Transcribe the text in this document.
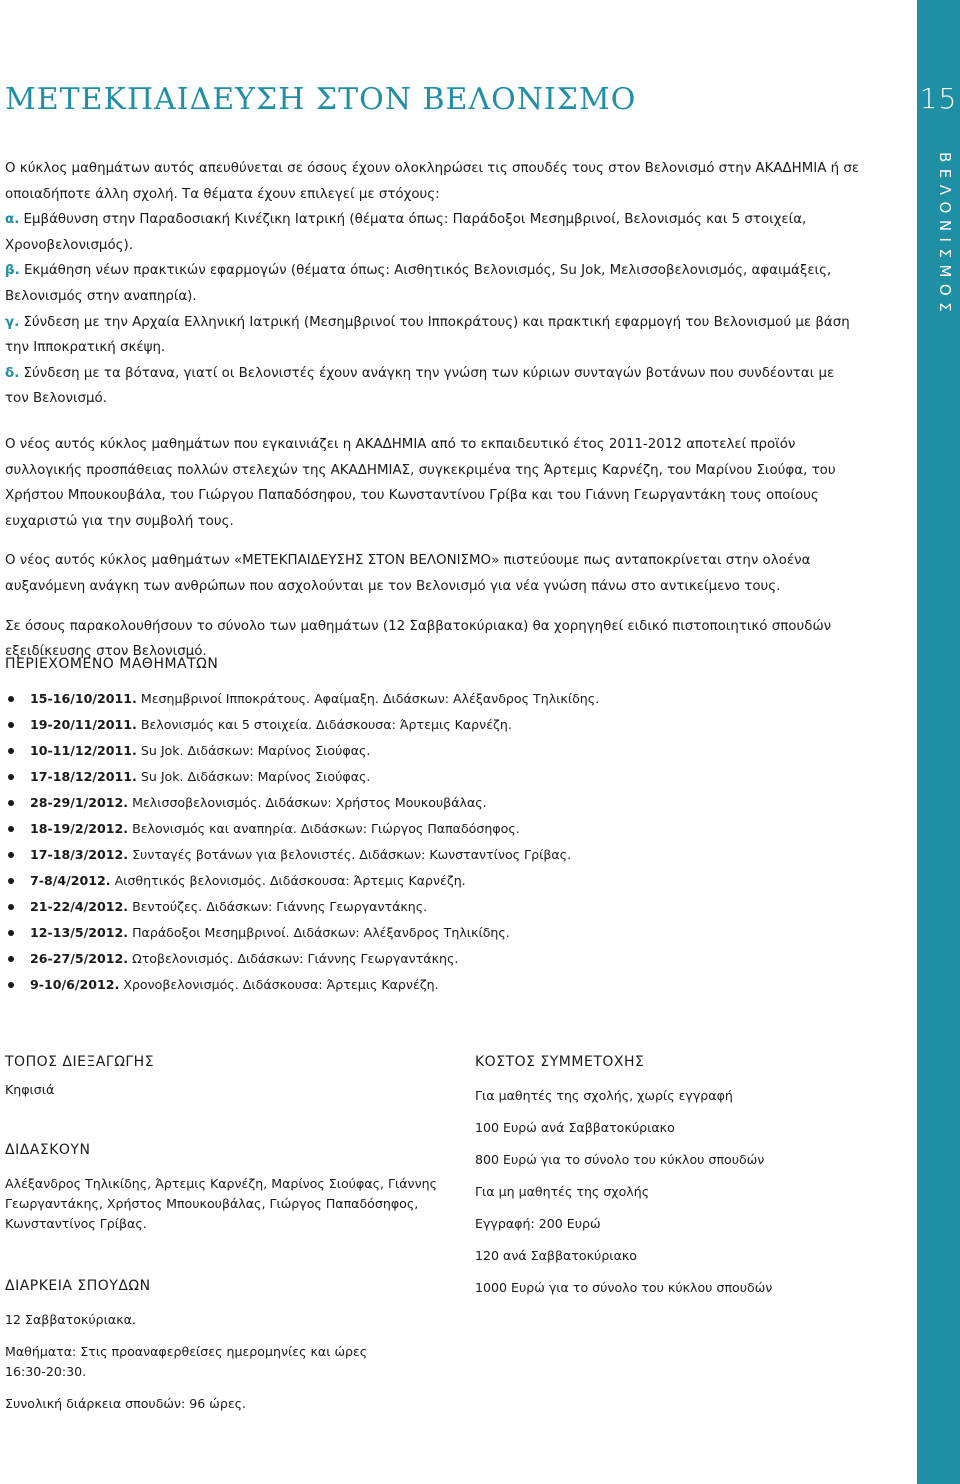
15
ΒΕΛΟΝΙΣΜΟΣ
ΜΕΤΕΚΠΑΙΔΕΥΣΗ ΣΤΟΝ ΒΕΛΟΝΙΣΜΟ

Ο κύκλος μαθημάτων αυτός απευθύνεται σε όσους έχουν ολοκληρώσει τις σπουδές τους στον Βελονισμό στην ΑΚΑΔΗΜΙΑ ή σε οποιαδήποτε άλλη σχολή. Τα θέματα έχουν επιλεγεί με στόχους:

α. Εμβάθυνση στην Παραδοσιακή Κινέζικη Ιατρική (θέματα όπως: Παράδοξοι Μεσημβρινοί, Βελονισμός και 5 στοιχεία, Χρονοβελονισμός).

β. Εκμάθηση νέων πρακτικών εφαρμογών (θέματα όπως: Αισθητικός Βελονισμός, Su Jok, Μελισσοβελονισμός, αφαιμάξεις, Βελονισμός στην αναπηρία).

γ. Σύνδεση με την Αρχαία Ελληνική Ιατρική (Μεσημβρινοί του Ιπποκράτους) και πρακτική εφαρμογή του Βελονισμού με βάση την Ιπποκρατική σκέψη.

δ. Σύνδεση με τα βότανα, γιατί οι Βελονιστές έχουν ανάγκη την γνώση των κύριων συνταγών βοτάνων που συνδέονται με τον Βελονισμό.

Ο νέος αυτός κύκλος μαθημάτων που εγκαινιάζει η ΑΚΑΔΗΜΙΑ από το εκπαιδευτικό έτος 2011-2012 αποτελεί προϊόν συλλογικής προσπάθειας πολλών στελεχών της ΑΚΑΔΗΜΙΑΣ, συγκεκριμένα της Άρτεμις Καρνέζη, του Μαρίνου Σιούφα, του Χρήστου Μπουκουβάλα, του Γιώργου Παπαδόσηφου, του Κωνσταντίνου Γρίβα και του Γιάννη Γεωργαντάκη τους οποίους ευχαριστώ για την συμβολή τους.

Ο νέος αυτός κύκλος μαθημάτων «ΜΕΤΕΚΠΑΙΔΕΥΣΗΣ ΣΤΟΝ ΒΕΛΟΝΙΣΜΟ» πιστεύουμε πως ανταποκρίνεται στην ολοένα αυξανόμενη ανάγκη των ανθρώπων που ασχολούνται με τον Βελονισμό για νέα γνώση πάνω στο αντικείμενο τους.

Σε όσους παρακολουθήσουν το σύνολο των μαθημάτων (12 Σαββατοκύριακα) θα χορηγηθεί ειδικό πιστοποιητικό σπουδών εξειδίκευσης στον Βελονισμό.

ΠΕΡΙΕΧΟΜΕΝΟ ΜΑΘΗΜΑΤΩΝ
15-16/10/2011. Μεσημβρινοί Ιπποκράτους. Αφαίμαξη. Διδάσκων: Αλέξανδρος Τηλικίδης.
19-20/11/2011. Βελονισμός και 5 στοιχεία. Διδάσκουσα: Άρτεμις Καρνέζη.
10-11/12/2011. Su Jok. Διδάσκων: Μαρίνος Σιούφας.
17-18/12/2011. Su Jok. Διδάσκων: Μαρίνος Σιούφας.
28-29/1/2012. Μελισσοβελονισμός. Διδάσκων: Χρήστος Μουκουβάλας.
18-19/2/2012. Βελονισμός και αναπηρία. Διδάσκων: Γιώργος Παπαδόσηφος.
17-18/3/2012. Συνταγές βοτάνων για βελονιστές. Διδάσκων: Κωνσταντίνος Γρίβας.
7-8/4/2012. Αισθητικός βελονισμός. Διδάσκουσα: Άρτεμις Καρνέζη.
21-22/4/2012. Βεντούζες. Διδάσκων: Γιάννης Γεωργαντάκης.
12-13/5/2012. Παράδοξοι Μεσημβρινοί. Διδάσκων: Αλέξανδρος Τηλικίδης.
26-27/5/2012. Ωτοβελονισμός. Διδάσκων: Γιάννης Γεωργαντάκης.
9-10/6/2012. Χρονοβελονισμός. Διδάσκουσα: Άρτεμις Καρνέζη.
ΤΟΠΟΣ ΔΙΕΞΑΓΩΓΗΣ

Κηφισιά

ΔΙΔΑΣΚΟΥΝ

Αλέξανδρος Τηλικίδης, Άρτεμις Καρνέζη, Μαρίνος Σιούφας, Γιάννης Γεωργαντάκης, Χρήστος Μπουκουβάλας, Γιώργος Παπαδόσηφος, Κωνσταντίνος Γρίβας.

ΔΙΑΡΚΕΙΑ ΣΠΟΥΔΩΝ

12 Σαββατοκύριακα.

Μαθήματα: Στις προαναφερθείσες ημερομηνίες και ώρες 16:30-20:30.

Συνολική διάρκεια σπουδών: 96 ώρες.

ΚΟΣΤΟΣ ΣΥΜΜΕΤΟΧΗΣ

Για μαθητές της σχολής, χωρίς εγγραφή

100 Ευρώ ανά Σαββατοκύριακο

800 Ευρώ για το σύνολο του κύκλου σπουδών

Για μη μαθητές της σχολής

Εγγραφή: 200 Ευρώ

120 ανά Σαββατοκύριακο

1000 Ευρώ για το σύνολο του κύκλου σπουδών
